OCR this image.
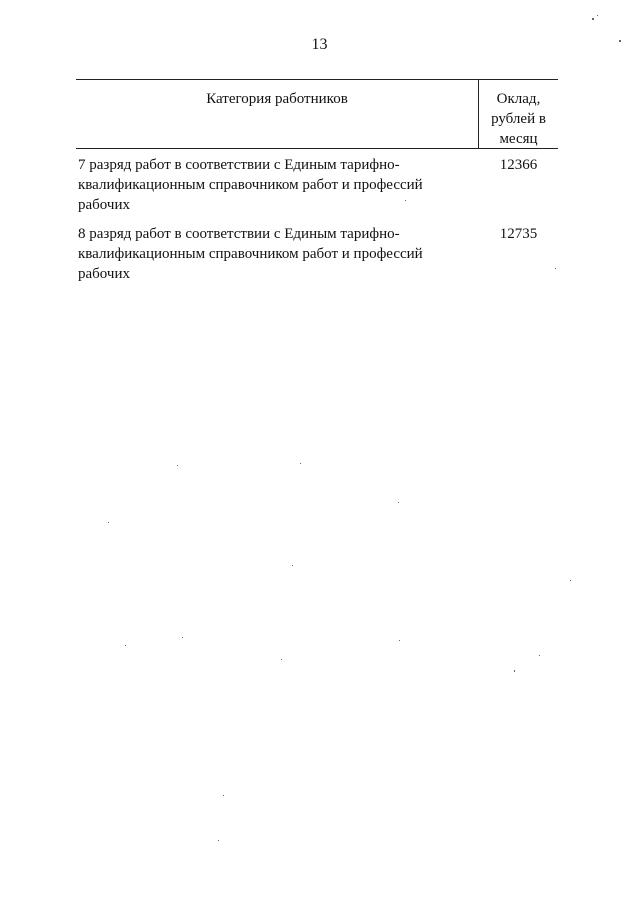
13
Категория работников	Оклад,
рублей в
месяц
7 разряд работ в соответствии с Единым тарифно-
квалификационным справочником работ и профессий
рабочих
12366
8 разряд работ в соответствии с Единым тарифно-
квалификационным справочником работ и профессий
рабочих
12735
